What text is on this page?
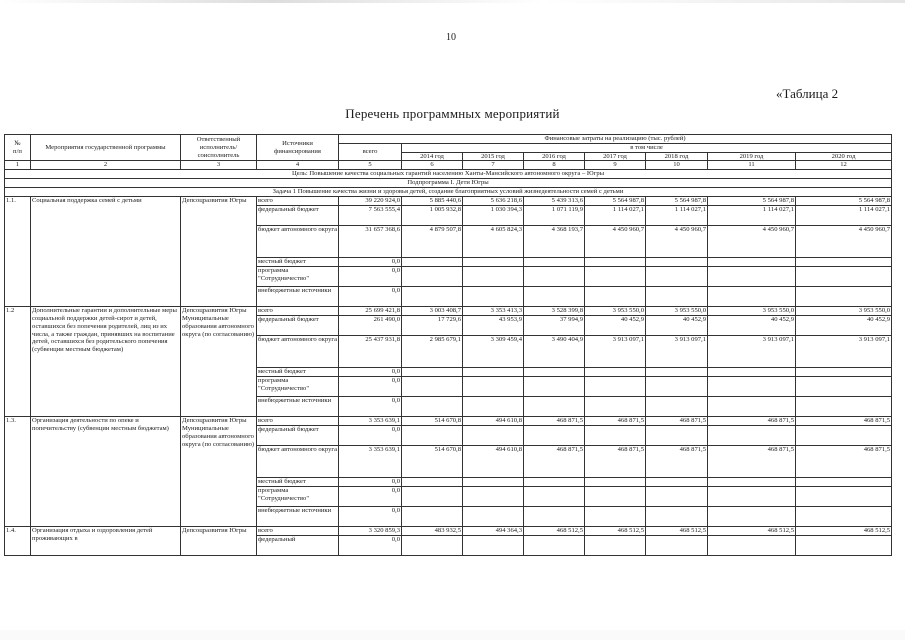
10
«Таблица 2
Перечень программных мероприятий
№
п/п	Мероприятия государственной программы	Ответственный исполнитель/ соисполнитель	Источники финансирования	Финансовые затраты на реализацию (тыс. рублей)							
				всего	в том числе						
					2014 год	2015 год	2016 год	2017 год	2018 год	2019 год	2020 год
1	2	3	4	5	6	7	8	9	10	11	12
Цель: Повышение качества социальных гарантий населению Ханты-Мансийского автономного округа – Югры											
Подпрограмма I. Дети Югры											
Задача 1 Повышение качества жизни и здоровья детей, создание благоприятных условий жизнедеятельности семей с детьми											
1.1.	Социальная поддержка семей с детьми	Депсоцразвития Югры	всего	39 220 924,0	5 885 440,6	5 636 218,6	5 439 313,6	5 564 987,8	5 564 987,8	5 564 987,8	5 564 987,8
			федеральный бюджет	7 563 555,4	1 005 932,8	1 030 394,3	1 071 119,9	1 114 027,1	1 114 027,1	1 114 027,1	1 114 027,1
			бюджет автономного округа	31 657 368,6	4 879 507,8	4 605 824,3	4 368 193,7	4 450 960,7	4 450 960,7	4 450 960,7	4 450 960,7
			местный бюджет	0,0							
			программа "Сотрудничество"	0,0							
			внебюджетные источники	0,0							
1.2	Дополнительные гарантии и дополнительные меры социальной поддержки детей-сирот и детей, оставшихся без попечения родителей, лиц из их числа, а также граждан, принявших на воспитание детей, оставшихся без родительского попечения (субвенции местным бюджетам)	Депсоцразвития Югры Муниципальные образования автономного округа (по согласованию)	всего	25 699 421,8	3 003 408,7	3 353 413,3	3 528 399,8	3 953 550,0	3 953 550,0	3 953 550,0	3 953 550,0
			федеральный бюджет	261 490,0	17 729,6	43 953,9	37 994,9	40 452,9	40 452,9	40 452,9	40 452,9
			бюджет автономного округа	25 437 931,8	2 985 679,1	3 309 459,4	3 490 404,9	3 913 097,1	3 913 097,1	3 913 097,1	3 913 097,1
			местный бюджет	0,0							
			программа "Сотрудничество"	0,0							
			внебюджетные источники	0,0							
1.3.	Организация деятельности по опеке и попечительству (субвенции местным бюджетам)	Депсоцразвития Югры Муниципальные образования автономного округа (по согласованию)	всего	3 353 639,1	514 670,8	494 610,8	468 871,5	468 871,5	468 871,5	468 871,5	468 871,5
			федеральный бюджет	0,0							
			бюджет автономного округа	3 353 639,1	514 670,8	494 610,8	468 871,5	468 871,5	468 871,5	468 871,5	468 871,5
			местный бюджет	0,0							
			программа "Сотрудничество"	0,0							
			внебюджетные источники	0,0							
1.4.	Организация отдыха и оздоровления детей проживающих в	Депсоцразвития Югры	всего	3 320 859,3	483 932,5	494 364,3	468 512,5	468 512,5	468 512,5	468 512,5	468 512,5
			федеральный	0,0							
